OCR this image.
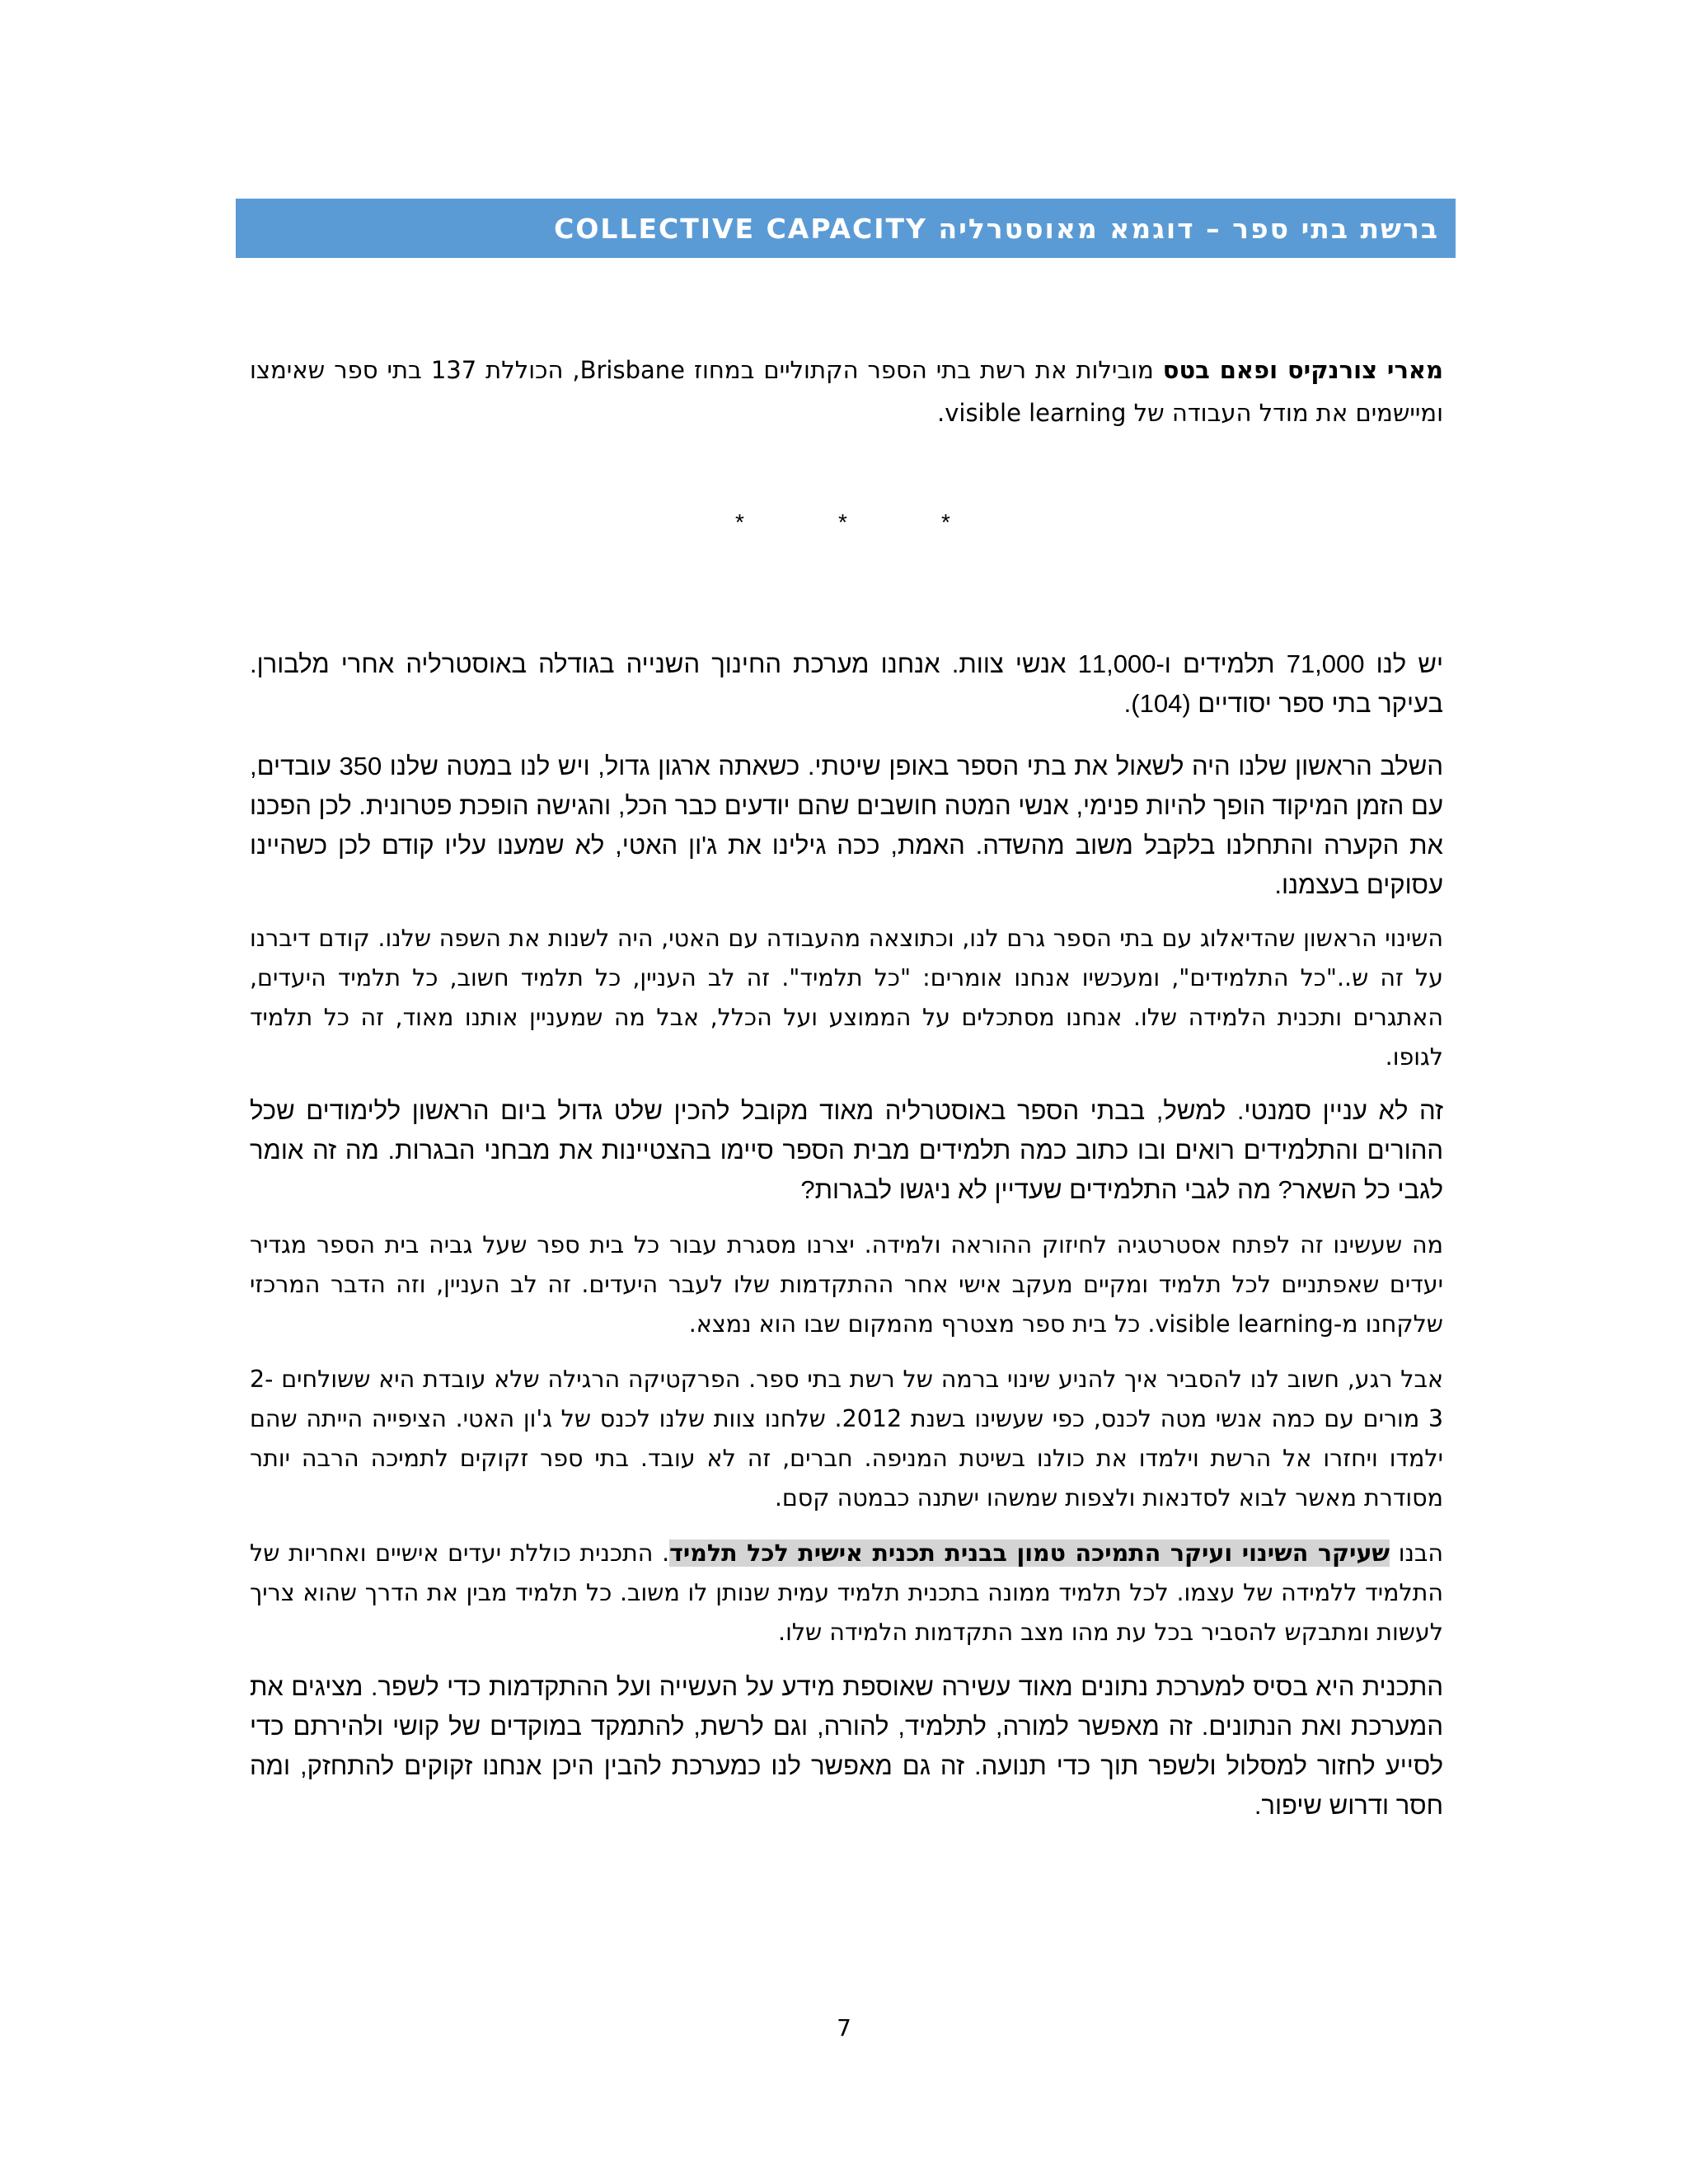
COLLECTIVE CAPACITY ברשת בתי ספר – דוגמא מאוסטרליה

מארי צורנקיס ופאם בטס מובילות את רשת בתי הספר הקתוליים במחוז Brisbane, הכוללת 137 בתי ספר שאימצו ומיישמים את מודל העבודה של visible learning.

*	*	*

יש לנו 71,000 תלמידים ו-11,000 אנשי צוות. אנחנו מערכת החינוך השנייה בגודלה באוסטרליה אחרי מלבורן. בעיקר בתי ספר יסודיים (104).

השלב הראשון שלנו היה לשאול את בתי הספר באופן שיטתי. כשאתה ארגון גדול, ויש לנו במטה שלנו 350 עובדים, עם הזמן המיקוד הופך להיות פנימי, אנשי המטה חושבים שהם יודעים כבר הכל, והגישה הופכת פטרונית. לכן הפכנו את הקערה והתחלנו בלקבל משוב מהשדה. האמת, ככה גילינו את ג'ון האטי, לא שמענו עליו קודם לכן כשהיינו עסוקים בעצמנו.

השינוי הראשון שהדיאלוג עם בתי הספר גרם לנו, וכתוצאה מהעבודה עם האטי, היה לשנות את השפה שלנו. קודם דיברנו על זה ש.."כל התלמידים", ומעכשיו אנחנו אומרים: "כל תלמיד". זה לב העניין, כל תלמיד חשוב, כל תלמיד היעדים, האתגרים ותכנית הלמידה שלו. אנחנו מסתכלים על הממוצע ועל הכלל, אבל מה שמעניין אותנו מאוד, זה כל תלמיד לגופו.

זה לא עניין סמנטי. למשל, בבתי הספר באוסטרליה מאוד מקובל להכין שלט גדול ביום הראשון ללימודים שכל ההורים והתלמידים רואים ובו כתוב כמה תלמידים מבית הספר סיימו בהצטיינות את מבחני הבגרות. מה זה אומר לגבי כל השאר? מה לגבי התלמידים שעדיין לא ניגשו לבגרות?

מה שעשינו זה לפתח אסטרטגיה לחיזוק ההוראה ולמידה. יצרנו מסגרת עבור כל בית ספר שעל גביה בית הספר מגדיר יעדים שאפתניים לכל תלמיד ומקיים מעקב אישי אחר ההתקדמות שלו לעבר היעדים. זה לב העניין, וזה הדבר המרכזי שלקחנו מ-visible learning. כל בית ספר מצטרף מהמקום שבו הוא נמצא.

אבל רגע, חשוב לנו להסביר איך להניע שינוי ברמה של רשת בתי ספר. הפרקטיקה הרגילה שלא עובדת היא ששולחים 2-3 מורים עם כמה אנשי מטה לכנס, כפי שעשינו בשנת 2012. שלחנו צוות שלנו לכנס של ג'ון האטי. הציפייה הייתה שהם ילמדו ויחזרו אל הרשת וילמדו את כולנו בשיטת המניפה. חברים, זה לא עובד. בתי ספר זקוקים לתמיכה הרבה יותר מסודרת מאשר לבוא לסדנאות ולצפות שמשהו ישתנה כבמטה קסם.

הבנו שעיקר השינוי ועיקר התמיכה טמון בבנית תכנית אישית לכל תלמיד. התכנית כוללת יעדים אישיים ואחריות של התלמיד ללמידה של עצמו. לכל תלמיד ממונה בתכנית תלמיד עמית שנותן לו משוב. כל תלמיד מבין את הדרך שהוא צריך לעשות ומתבקש להסביר בכל עת מהו מצב התקדמות הלמידה שלו.

התכנית היא בסיס למערכת נתונים מאוד עשירה שאוספת מידע על העשייה ועל ההתקדמות כדי לשפר. מציגים את המערכת ואת הנתונים. זה מאפשר למורה, לתלמיד, להורה, וגם לרשת, להתמקד במוקדים של קושי ולהירתם כדי לסייע לחזור למסלול ולשפר תוך כדי תנועה. זה גם מאפשר לנו כמערכת להבין היכן אנחנו זקוקים להתחזק, ומה חסר ודרוש שיפור.

7
